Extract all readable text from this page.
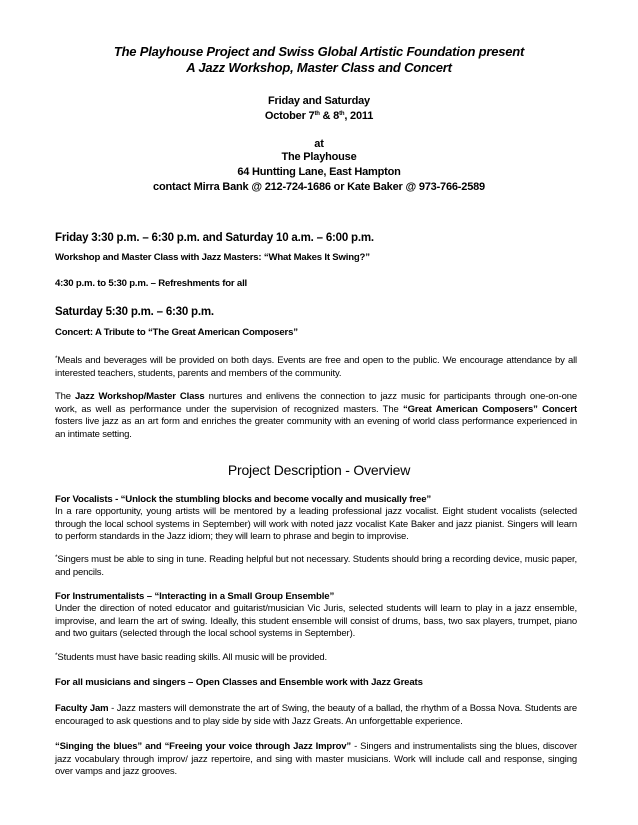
The Playhouse Project and Swiss Global Artistic Foundation present
A Jazz Workshop, Master Class and Concert
Friday and Saturday
October 7th & 8th, 2011
at
The Playhouse
64 Huntting Lane, East Hampton
contact Mirra Bank @ 212-724-1686 or Kate Baker @ 973-766-2589
Friday 3:30 p.m. – 6:30 p.m. and Saturday 10 a.m. – 6:00 p.m.
Workshop and Master Class with Jazz Masters: “What Makes It Swing?”
4:30 p.m. to 5:30 p.m. – Refreshments for all
Saturday 5:30 p.m. – 6:30 p.m.
Concert: A Tribute to “The Great American Composers”
*Meals and beverages will be provided on both days. Events are free and open to the public. We encourage attendance by all interested teachers, students, parents and members of the community.
The Jazz Workshop/Master Class nurtures and enlivens the connection to jazz music for participants through one-on-one work, as well as performance under the supervision of recognized masters. The “Great American Composers” Concert fosters live jazz as an art form and enriches the greater community with an evening of world class performance experienced in an intimate setting.
Project Description - Overview
For Vocalists - “Unlock the stumbling blocks and become vocally and musically free”
In a rare opportunity, young artists will be mentored by a leading professional jazz vocalist. Eight student vocalists (selected through the local school systems in September) will work with noted jazz vocalist Kate Baker and jazz pianist. Singers will learn to perform standards in the Jazz idiom; they will learn to phrase and begin to improvise.
*Singers must be able to sing in tune. Reading helpful but not necessary. Students should bring a recording device, music paper, and pencils.
For Instrumentalists – “Interacting in a Small Group Ensemble”
Under the direction of noted educator and guitarist/musician Vic Juris, selected students will learn to play in a jazz ensemble, improvise, and learn the art of swing. Ideally, this student ensemble will consist of drums, bass, two sax players, trumpet, piano and two guitars (selected through the local school systems in September).
*Students must have basic reading skills. All music will be provided.
For all musicians and singers – Open Classes and Ensemble work with Jazz Greats
Faculty Jam - Jazz masters will demonstrate the art of Swing, the beauty of a ballad, the rhythm of a Bossa Nova. Students are encouraged to ask questions and to play side by side with Jazz Greats. An unforgettable experience.
“Singing the blues” and “Freeing your voice through Jazz Improv” - Singers and instrumentalists sing the blues, discover jazz vocabulary through improv/ jazz repertoire, and sing with master musicians. Work will include call and response, singing over vamps and jazz grooves.
